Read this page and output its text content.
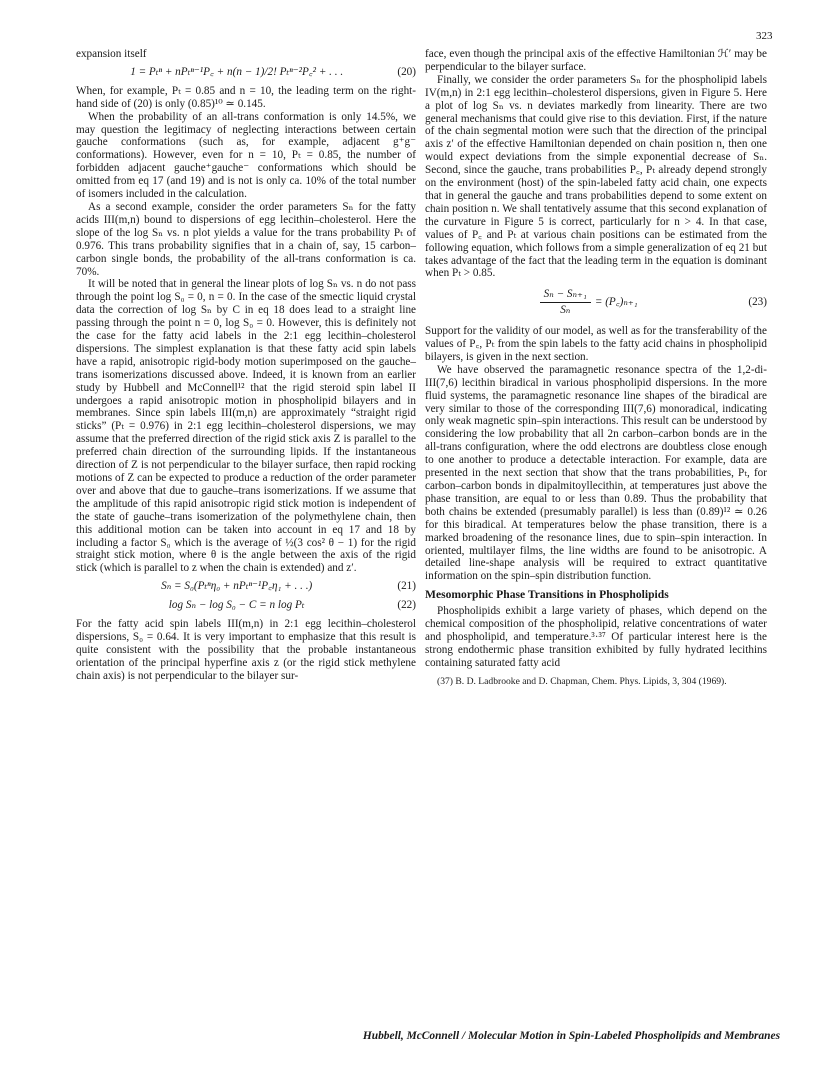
323

expansion itself

1 = Pₜⁿ + nPₜⁿ⁻¹P꜀ + n(n − 1)/2! Pₜⁿ⁻²P꜀² + . . .	(20)

When, for example, Pₜ = 0.85 and n = 10, the leading term on the right-hand side of (20) is only (0.85)¹⁰ ≃ 0.145.

When the probability of an all-trans conformation is only 14.5%, we may question the legitimacy of neglecting interactions between certain gauche conformations (such as, for example, adjacent g⁺g⁻ conformations). However, even for n = 10, Pₜ = 0.85, the number of forbidden adjacent gauche⁺gauche⁻ conformations which should be omitted from eq 17 (and 19) and is not is only ca. 10% of the total number of isomers included in the calculation.

As a second example, consider the order parameters Sₙ for the fatty acids III(m,n) bound to dispersions of egg lecithin–cholesterol. Here the slope of the log Sₙ vs. n plot yields a value for the trans probability Pₜ of 0.976. This trans probability signifies that in a chain of, say, 15 carbon–carbon single bonds, the probability of the all-trans conformation is ca. 70%.

It will be noted that in general the linear plots of log Sₙ vs. n do not pass through the point log S₀ = 0, n = 0. In the case of the smectic liquid crystal data the correction of log Sₙ by C in eq 18 does lead to a straight line passing through the point n = 0, log S₀ = 0. However, this is definitely not the case for the fatty acid labels in the 2:1 egg lecithin–cholesterol dispersions. The simplest explanation is that these fatty acid spin labels have a rapid, anisotropic rigid-body motion superimposed on the gauche–trans isomerizations discussed above. Indeed, it is known from an earlier study by Hubbell and McConnell¹² that the rigid steroid spin label II undergoes a rapid anisotropic motion in phospholipid bilayers and in membranes. Since spin labels III(m,n) are approximately “straight rigid sticks” (Pₜ = 0.976) in 2:1 egg lecithin–cholesterol dispersions, we may assume that the preferred direction of the rigid stick axis Z is parallel to the preferred chain direction of the surrounding lipids. If the instantaneous direction of Z is not perpendicular to the bilayer surface, then rapid rocking motions of Z can be expected to produce a reduction of the order parameter over and above that due to gauche–trans isomerizations. If we assume that the amplitude of this rapid anisotropic rigid stick motion is independent of the state of gauche–trans isomerization of the polymethylene chain, then this additional motion can be taken into account in eq 17 and 18 by including a factor S₀ which is the average of ½(3 cos² θ − 1) for the rigid straight stick motion, where θ is the angle between the axis of the rigid stick (which is parallel to z when the chain is extended) and z′.

Sₙ = S₀(Pₜⁿη₀ + nPₜⁿ⁻¹P꜀η₁ + . . .)	(21)
log Sₙ − log S₀ − C = n log Pₜ	(22)

For the fatty acid spin labels III(m,n) in 2:1 egg lecithin–cholesterol dispersions, S₀ = 0.64. It is very important to emphasize that this result is quite consistent with the possibility that the probable instantaneous orientation of the principal hyperfine axis z (or the rigid stick methylene chain axis) is not perpendicular to the bilayer sur-

face, even though the principal axis of the effective Hamiltonian ℋ′ may be perpendicular to the bilayer surface.

Finally, we consider the order parameters Sₙ for the phospholipid labels IV(m,n) in 2:1 egg lecithin–cholesterol dispersions, given in Figure 5. Here a plot of log Sₙ vs. n deviates markedly from linearity. There are two general mechanisms that could give rise to this deviation. First, if the nature of the chain segmental motion were such that the direction of the principal axis z′ of the effective Hamiltonian depended on chain position n, then one would expect deviations from the simple exponential decrease of Sₙ. Second, since the gauche, trans probabilities P꜀, Pₜ already depend strongly on the environment (host) of the spin-labeled fatty acid chain, one expects that in general the gauche and trans probabilities depend to some extent on chain position n. We shall tentatively assume that this second explanation of the curvature in Figure 5 is correct, particularly for n > 4. In that case, values of P꜀ and Pₜ at various chain positions can be estimated from the following equation, which follows from a simple generalization of eq 21 but takes advantage of the fact that the leading term in the equation is dominant when Pₜ > 0.85.

$\frac{\text{Sₙ − Sₙ₊₁}}{\text{Sₙ}}$ = (P꜀)ₙ₊₁	(23)

Support for the validity of our model, as well as for the transferability of the values of P꜀, Pₜ from the spin labels to the fatty acid chains in phospholipid bilayers, is given in the next section.

We have observed the paramagnetic resonance spectra of the 1,2-di-III(7,6) lecithin biradical in various phospholipid dispersions. In the more fluid systems, the paramagnetic resonance line shapes of the biradical are very similar to those of the corresponding III(7,6) monoradical, indicating only weak magnetic spin–spin interactions. This result can be understood by considering the low probability that all 2n carbon–carbon bonds are in the all-trans configuration, where the odd electrons are doubtless close enough to one another to produce a detectable interaction. For example, data are presented in the next section that show that the trans probabilities, Pₜ, for carbon–carbon bonds in dipalmitoyllecithin, at temperatures just above the phase transition, are equal to or less than 0.89. Thus the probability that both chains be extended (presumably parallel) is less than (0.89)¹² ≃ 0.26 for this biradical. At temperatures below the phase transition, there is a marked broadening of the resonance lines, due to spin–spin interaction. In oriented, multilayer films, the line widths are found to be anisotropic. A detailed line-shape analysis will be required to extract quantitative information on the spin–spin distribution function.

Mesomorphic Phase Transitions in Phospholipids

Phospholipids exhibit a large variety of phases, which depend on the chemical composition of the phospholipid, relative concentrations of water and phospholipid, and temperature.³·³⁷ Of particular interest here is the strong endothermic phase transition exhibited by fully hydrated lecithins containing saturated fatty acid

(37) B. D. Ladbrooke and D. Chapman, Chem. Phys. Lipids, 3, 304 (1969).
Hubbell, McConnell / Molecular Motion in Spin-Labeled Phospholipids and Membranes
